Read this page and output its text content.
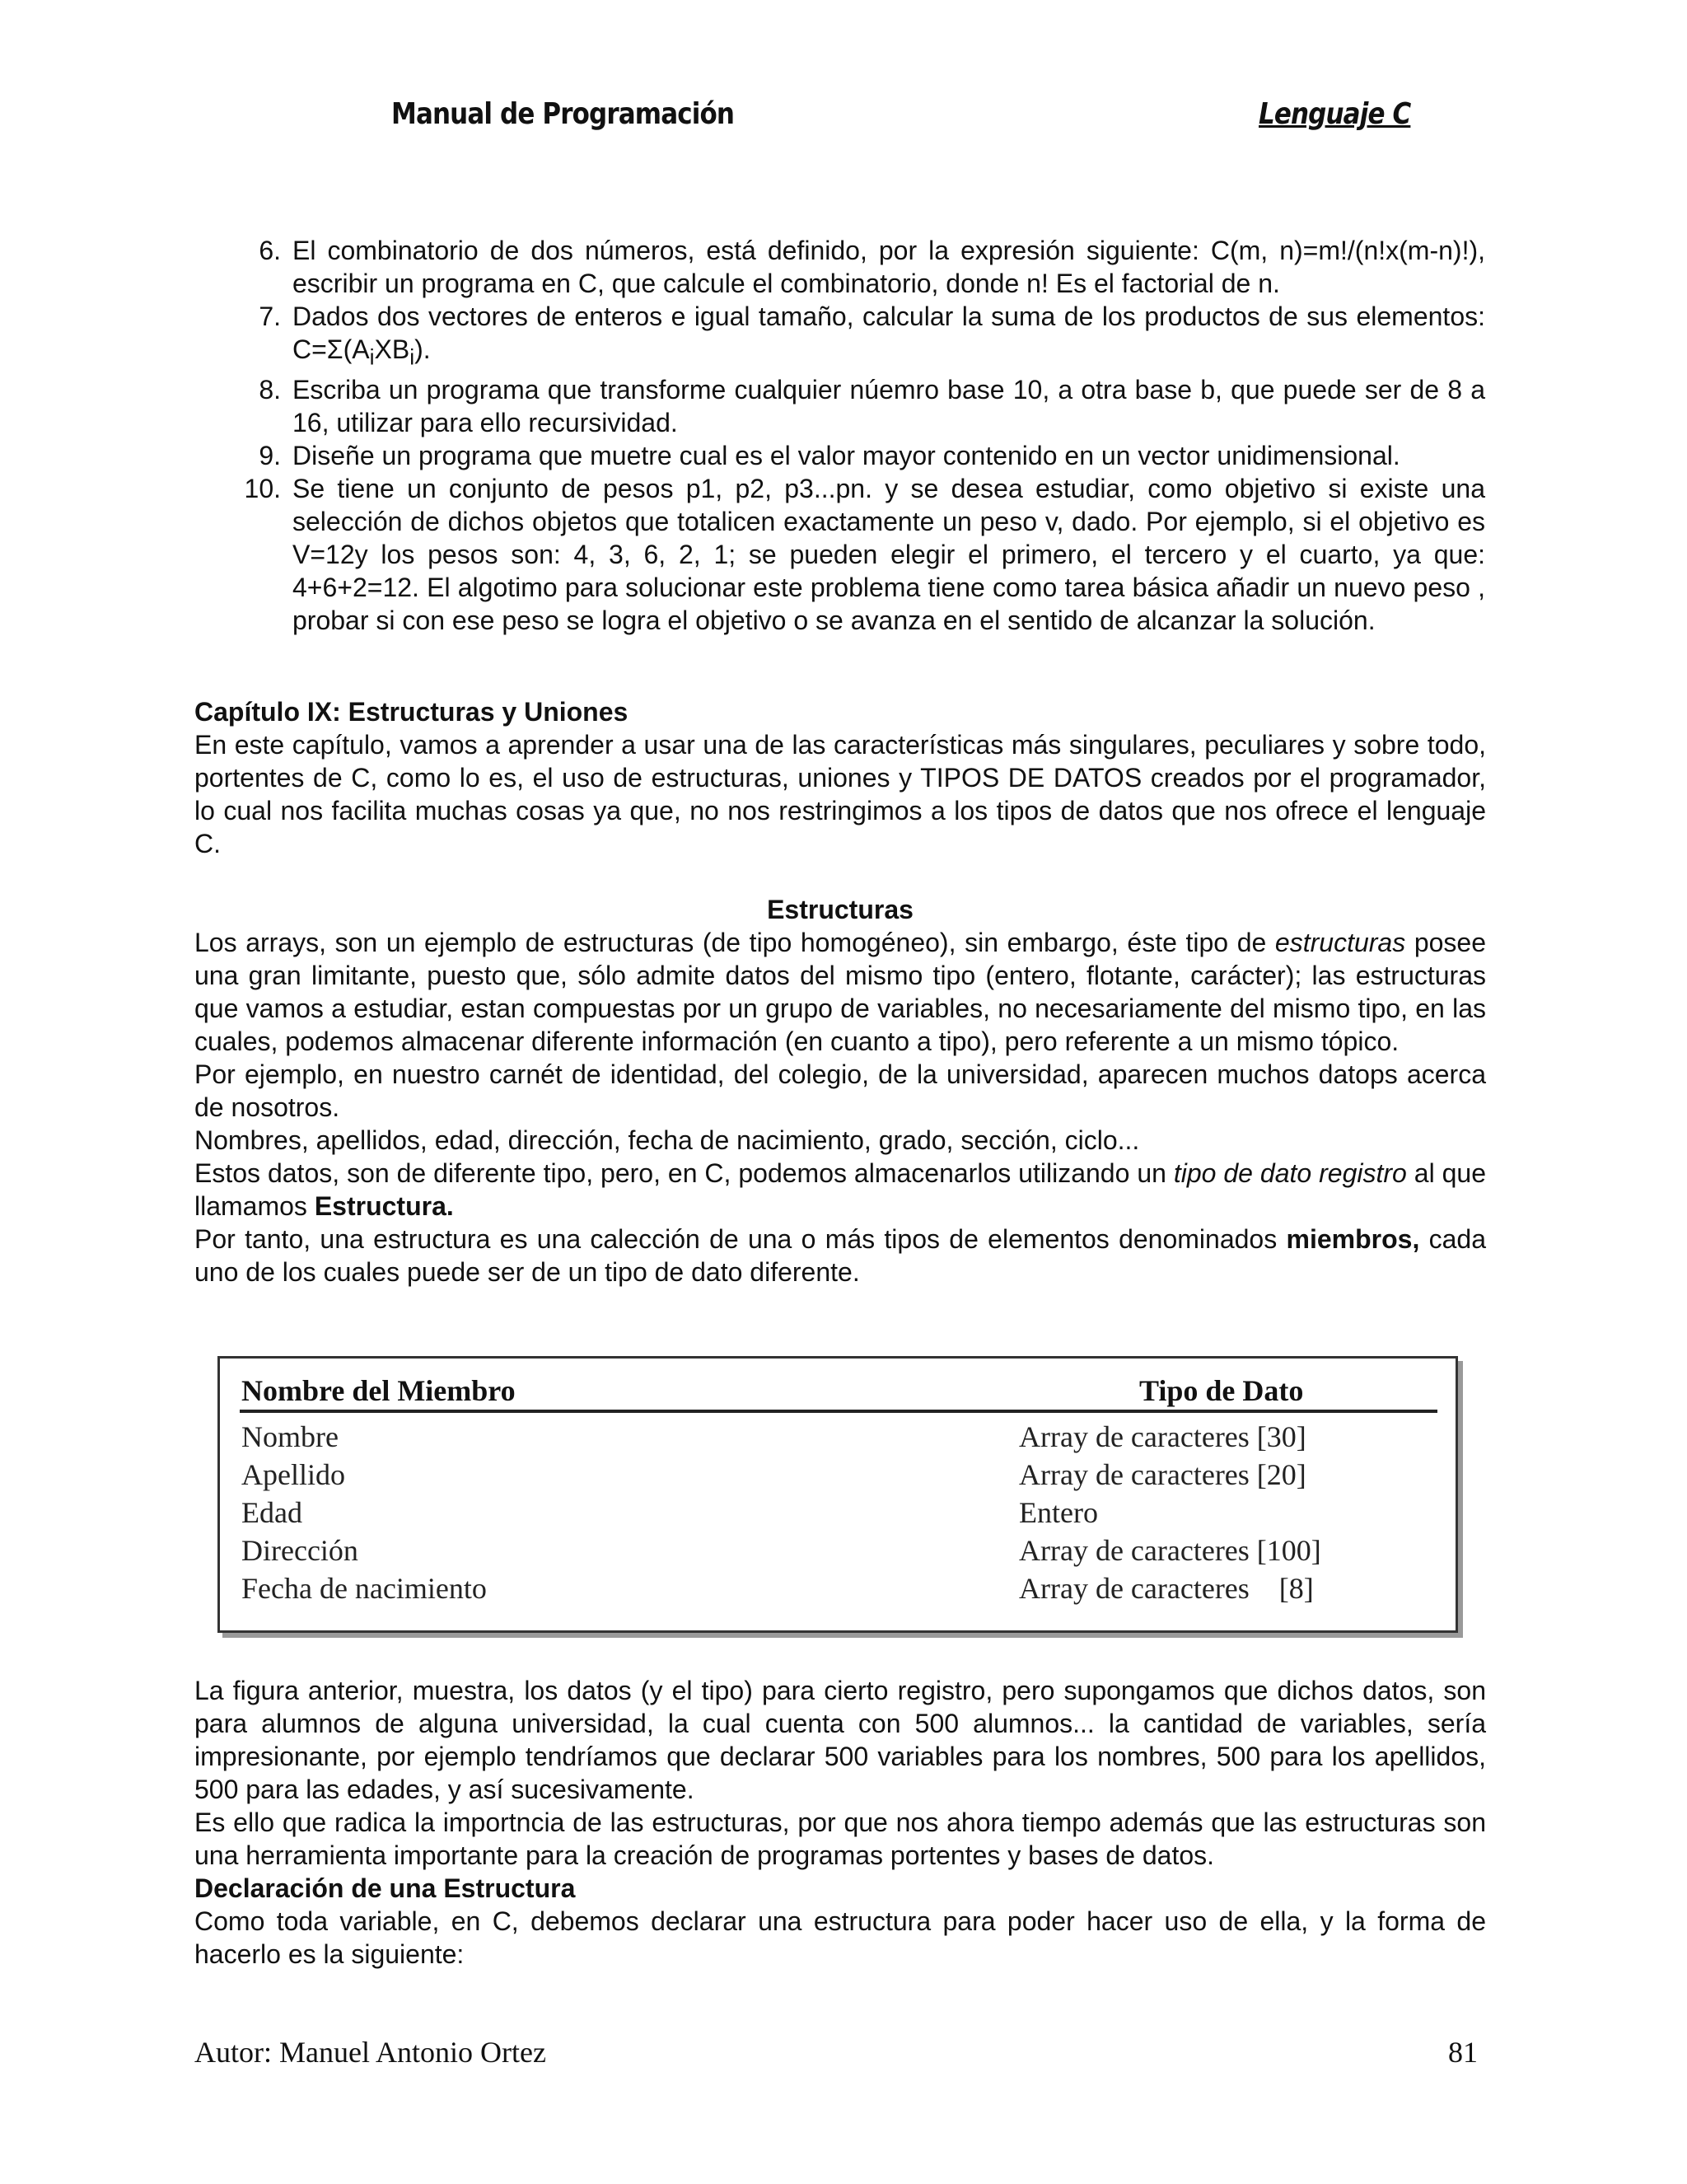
Manual de Programación	Lenguaje C
6. El combinatorio de dos números, está definido, por la expresión siguiente: C(m, n)=m!/(n!x(m-n)!), escribir un programa en C, que calcule el combinatorio, donde n! Es el factorial de n.
7. Dados dos vectores de enteros e igual tamaño, calcular la suma de los productos de sus elementos: $C=\Sigma(A_iXB_i)$.
8. Escriba un programa que transforme cualquier núemro base 10, a otra base b, que puede ser de 8 a 16, utilizar para ello recursividad.
9. Diseñe un programa que muetre cual es el valor mayor contenido en un vector unidimensional.
10. Se tiene un conjunto de pesos p1, p2, p3...pn. y se desea estudiar, como objetivo si existe una selección de dichos objetos que totalicen exactamente un peso v, dado. Por ejemplo, si el objetivo es V=12y los pesos son: 4, 3, 6, 2, 1; se pueden elegir el primero, el tercero y el cuarto, ya que: 4+6+2=12. El algotimo para solucionar este problema tiene como tarea básica añadir un nuevo peso , probar si con ese peso se logra el objetivo o se avanza en el sentido de alcanzar la solución.

Capítulo IX: Estructuras y Uniones

En este capítulo, vamos a aprender a usar una de las características más singulares, peculiares y sobre todo, portentes de C, como lo es, el uso de estructuras, uniones y TIPOS DE DATOS creados por el programador, lo cual nos facilita muchas cosas ya que, no nos restringimos a los tipos de datos que nos ofrece el lenguaje C.

Estructuras

Los arrays, son un ejemplo de estructuras (de tipo homogéneo), sin embargo, éste tipo de estructuras posee una gran limitante, puesto que, sólo admite datos del mismo tipo (entero, flotante, carácter); las estructuras que vamos a estudiar, estan compuestas por un grupo de variables, no necesariamente del mismo tipo, en las cuales, podemos almacenar diferente información (en cuanto a tipo), pero referente a un mismo tópico.

Por ejemplo, en nuestro carnét de identidad, del colegio, de la universidad, aparecen muchos datops acerca de nosotros.

Nombres, apellidos, edad, dirección, fecha de nacimiento, grado, sección, ciclo...

Estos datos, son de diferente tipo, pero, en C, podemos almacenarlos utilizando un tipo de dato registro al que llamamos Estructura.

Por tanto, una estructura es una calección de una o más tipos de elementos denominados miembros, cada uno de los cuales puede ser de un tipo de dato diferente.

Nombre del Miembro	Tipo de Dato
Nombre	Array de caracteres [30]
Apellido	Array de caracteres [20]
Edad	Entero
Dirección	Array de caracteres [100]
Fecha de nacimiento	Array de caracteres    [8]

La figura anterior, muestra, los datos (y el tipo) para cierto registro, pero supongamos que dichos datos, son para alumnos de alguna universidad, la cual cuenta con 500 alumnos... la cantidad de variables, sería impresionante, por ejemplo tendríamos que declarar 500 variables para los nombres, 500 para los apellidos, 500 para las edades, y así sucesivamente.

Es ello que radica la importncia de las estructuras, por que nos ahora tiempo además que las estructuras son una herramienta importante para la creación de programas portentes y bases de datos.

Declaración de una Estructura

Como toda variable, en C, debemos declarar una estructura para poder hacer uso de ella, y la forma de hacerlo es la siguiente:

Autor: Manuel Antonio Ortez	81
